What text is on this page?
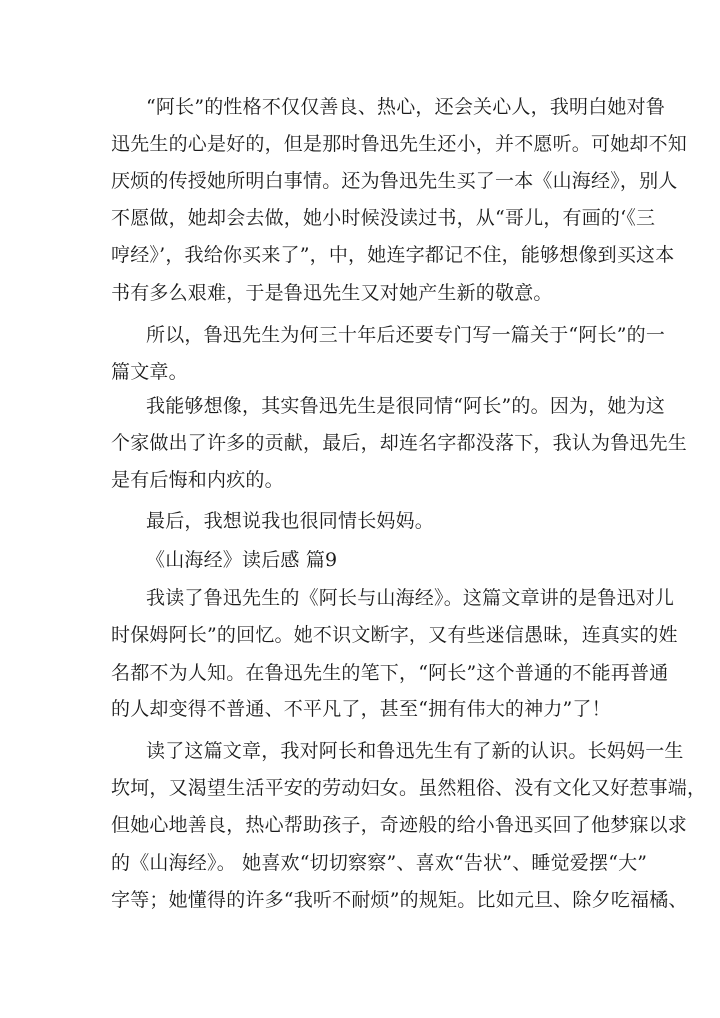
“阿长”的性格不仅仅善良、热心，还会关心人，我明白她对鲁
迅先生的心是好的，但是那时鲁迅先生还小，并不愿听。可她却不知
厌烦的传授她所明白事情。还为鲁迅先生买了一本《山海经》，别人
不愿做，她却会去做，她小时候没读过书，从“哥儿，有画的‘《三
哼经》’，我给你买来了”，中，她连字都记不住，能够想像到买这本
书有多么艰难，于是鲁迅先生又对她产生新的敬意。
所以，鲁迅先生为何三十年后还要专门写一篇关于“阿长”的一
篇文章。
我能够想像，其实鲁迅先生是很同情“阿长”的。因为，她为这
个家做出了许多的贡献，最后，却连名字都没落下，我认为鲁迅先生
是有后悔和内疚的。
最后，我想说我也很同情长妈妈。
《山海经》读后感 篇9
我读了鲁迅先生的《阿长与山海经》。这篇文章讲的是鲁迅对儿
时保姆阿长”的回忆。她不识文断字，又有些迷信愚昧，连真实的姓
名都不为人知。在鲁迅先生的笔下，“阿长”这个普通的不能再普通
的人却变得不普通、不平凡了，甚至“拥有伟大的神力”了！
读了这篇文章，我对阿长和鲁迅先生有了新的认识。长妈妈一生
坎坷，又渴望生活平安的劳动妇女。虽然粗俗、没有文化又好惹事端，
但她心地善良，热心帮助孩子，奇迹般的给小鲁迅买回了他梦寐以求
的《山海经》。 她喜欢“切切察察”、喜欢“告状”、睡觉爱摆“大”
字等；她懂得的许多“我听不耐烦”的规矩。比如元旦、除夕吃福橘、
